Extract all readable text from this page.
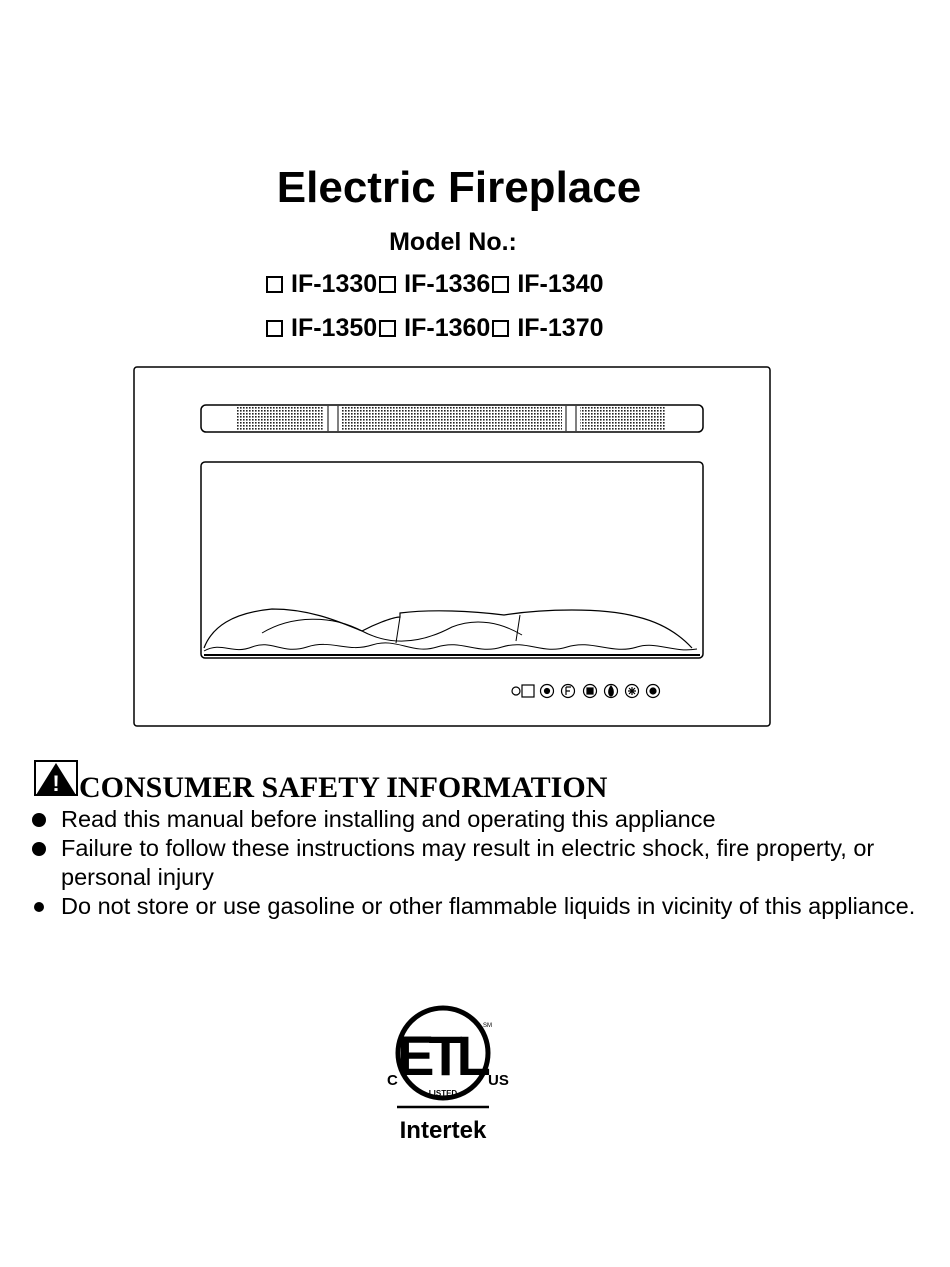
Electric Fireplace
Model No.:
IF-1330 IF-1336 IF-1340
IF-1350 IF-1360 IF-1370
! CONSUMER SAFETY INFORMATION
Read this manual before installing and operating this appliance
Failure to follow these instructions may result in electric shock, fire property, or personal injury
Do not store or use gasoline or other flammable liquids in vicinity of this appliance.
ETL
SM
LISTED
C	US
Intertek
